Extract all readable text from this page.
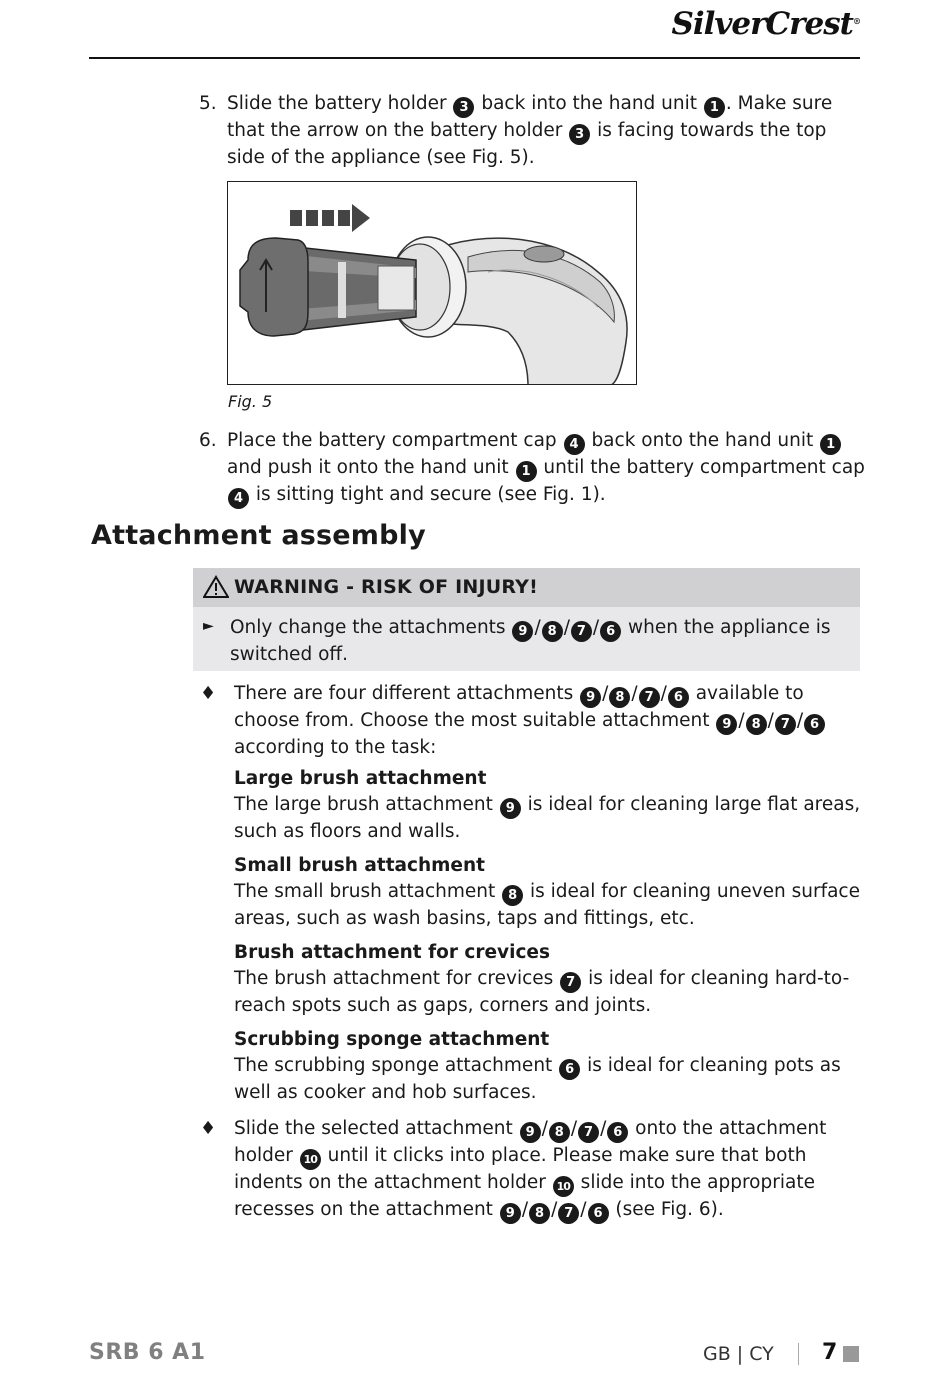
SilverCrest®
5. Slide the battery holder 3 back into the hand unit 1 . Make sure that the arrow on the battery holder 3 is facing towards the top side of the appliance (see Fig. 5).
Fig. 5
6. Place the battery compartment cap 4 back onto the hand unit 1 and push it onto the hand unit 1 until the battery compartment cap 4 is sitting tight and secure (see Fig. 1).
Attachment assembly
WARNING - RISK OF INJURY!
► Only change the attachments 9 / 8 / 7 / 6 when the appliance is switched off.
♦ There are four different attachments 9 / 8 / 7 / 6 available to choose from. Choose the most suitable attachment 9 / 8 / 7 / 6 according to the task:
Large brush attachment
The large brush attachment 9 is ideal for cleaning large flat areas, such as floors and walls.
Small brush attachment
The small brush attachment 8 is ideal for cleaning uneven surface areas, such as wash basins, taps and fittings, etc.
Brush attachment for crevices
The brush attachment for crevices 7 is ideal for cleaning hard-to-reach spots such as gaps, corners and joints.
Scrubbing sponge attachment
The scrubbing sponge attachment 6 is ideal for cleaning pots as well as cooker and hob surfaces.
♦ Slide the selected attachment 9 / 8 / 7 / 6 onto the attachment holder 10 until it clicks into place. Please make sure that both indents on the attachment holder 10 slide into the appropriate recesses on the attachment 9 / 8 / 7 / 6 (see Fig. 6).
SRB 6 A1	GB | CY 7
